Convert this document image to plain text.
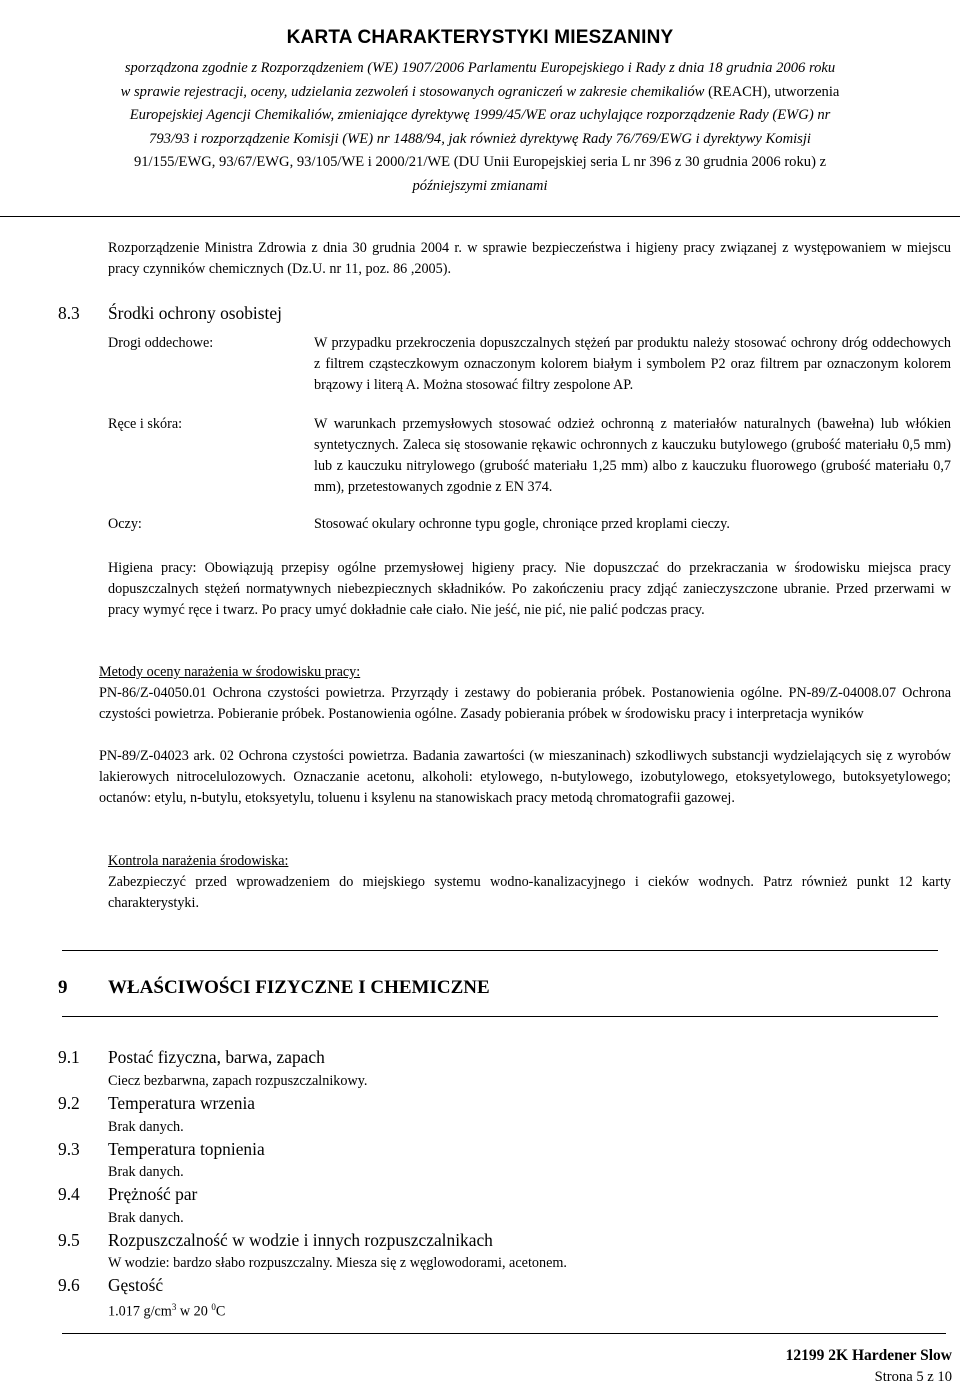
KARTA CHARAKTERYSTYKI MIESZANINY
sporządzona zgodnie z Rozporządzeniem (WE) 1907/2006 Parlamentu Europejskiego i Rady z dnia 18 grudnia 2006 roku
w sprawie rejestracji, oceny, udzielania zezwoleń i stosowanych ograniczeń w zakresie chemikaliów (REACH), utworzenia
Europejskiej Agencji Chemikaliów, zmieniające dyrektywę 1999/45/WE oraz uchylające rozporządzenie Rady (EWG) nr
793/93 i rozporządzenie Komisji (WE) nr 1488/94, jak również dyrektywę Rady 76/769/EWG i dyrektywy Komisji
91/155/EWG, 93/67/EWG, 93/105/WE i 2000/21/WE (DU Unii Europejskiej seria L nr 396 z 30 grudnia 2006 roku) z
późniejszymi zmianami
Rozporządzenie Ministra Zdrowia z dnia 30 grudnia 2004 r. w sprawie bezpieczeństwa i higieny pracy związanej z występowaniem w miejscu pracy czynników chemicznych (Dz.U. nr 11, poz. 86 ,2005).
8.3 Środki ochrony osobistej
Drogi oddechowe:	W przypadku przekroczenia dopuszczalnych stężeń par produktu należy stosować ochrony dróg oddechowych z filtrem cząsteczkowym oznaczonym kolorem białym i symbolem P2 oraz filtrem par oznaczonym kolorem brązowy i literą A. Można stosować filtry zespolone AP.
Ręce i skóra:	W warunkach przemysłowych stosować odzież ochronną z materiałów naturalnych (bawełna) lub włókien syntetycznych. Zaleca się stosowanie rękawic ochronnych z kauczuku butylowego (grubość materiału 0,5 mm) lub z kauczuku nitrylowego (grubość materiału 1,25 mm) albo z kauczuku fluorowego (grubość materiału 0,7 mm), przetestowanych zgodnie z EN 374.
Oczy:	Stosować okulary ochronne typu gogle, chroniące przed kroplami cieczy.
Higiena pracy: Obowiązują przepisy ogólne przemysłowej higieny pracy. Nie dopuszczać do przekraczania w środowisku miejsca pracy dopuszczalnych stężeń normatywnych niebezpiecznych składników. Po zakończeniu pracy zdjąć zanieczyszczone ubranie. Przed przerwami w pracy wymyć ręce i twarz. Po pracy umyć dokładnie całe ciało. Nie jeść, nie pić, nie palić podczas pracy.
Metody oceny narażenia w środowisku pracy:
PN-86/Z-04050.01 Ochrona czystości powietrza. Przyrządy i zestawy do pobierania próbek. Postanowienia ogólne. PN-89/Z-04008.07 Ochrona czystości powietrza. Pobieranie próbek. Postanowienia ogólne. Zasady pobierania próbek w środowisku pracy i interpretacja wyników
PN-89/Z-04023 ark. 02 Ochrona czystości powietrza. Badania zawartości (w mieszaninach) szkodliwych substancji wydzielających się z wyrobów lakierowych nitrocelulozowych. Oznaczanie acetonu, alkoholi: etylowego, n-butylowego, izobutylowego, etoksyetylowego, butoksyetylowego; octanów: etylu, n-butylu, etoksyetylu, toluenu i ksylenu na stanowiskach pracy metodą chromatografii gazowej.
Kontrola narażenia środowiska:
Zabezpieczyć przed wprowadzeniem do miejskiego systemu wodno-kanalizacyjnego i cieków wodnych. Patrz również punkt 12 karty charakterystyki.
9 WŁAŚCIWOŚCI FIZYCZNE I CHEMICZNE
9.1 Postać fizyczna, barwa, zapach
Ciecz bezbarwna, zapach rozpuszczalnikowy.
9.2 Temperatura wrzenia
Brak danych.
9.3 Temperatura topnienia
Brak danych.
9.4 Prężność par
Brak danych.
9.5 Rozpuszczalność w wodzie i innych rozpuszczalnikach
W wodzie: bardzo słabo rozpuszczalny. Miesza się z węglowodorami, acetonem.
9.6 Gęstość
1.017 $g/cm^3$ w 20 $^0$C
12199 2K Hardener Slow
Strona 5 z 10
